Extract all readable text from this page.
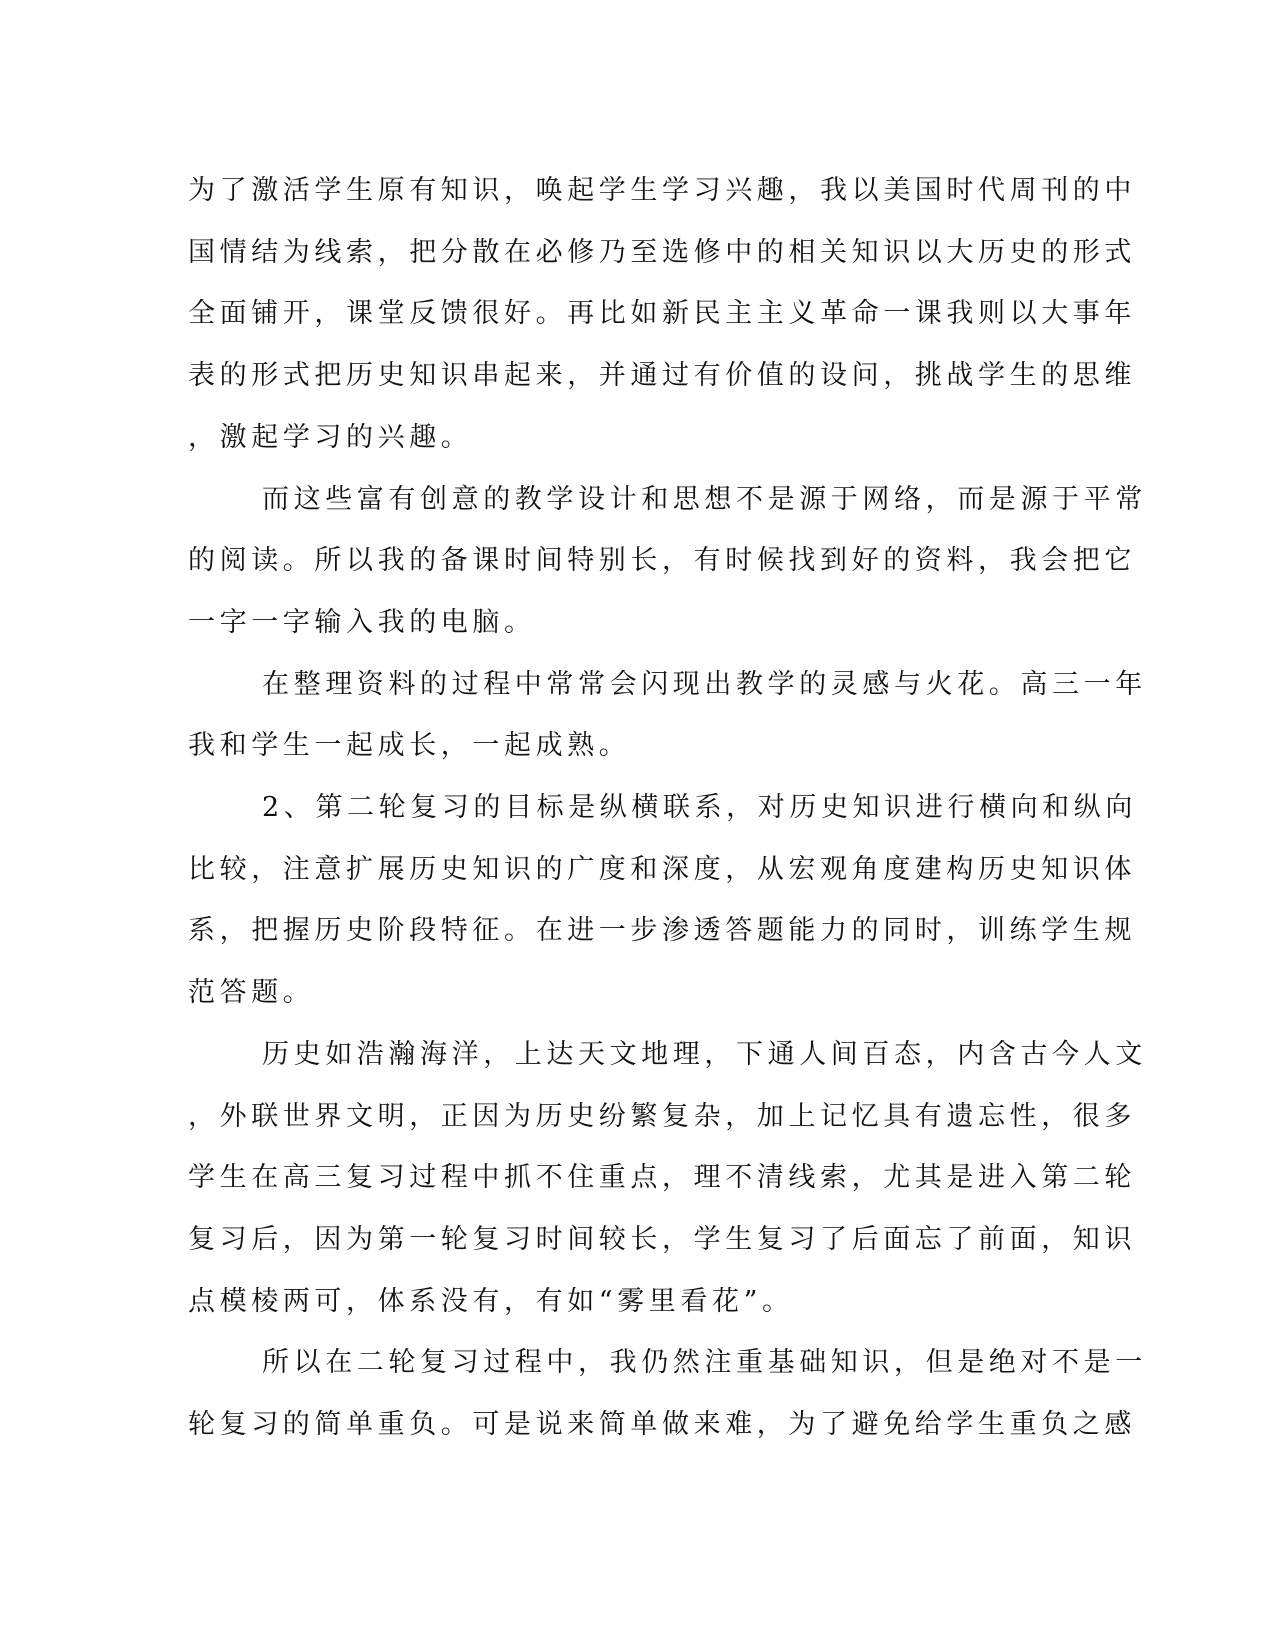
为了激活学生原有知识，唤起学生学习兴趣，我以美国时代周刊的中
国情结为线索，把分散在必修乃至选修中的相关知识以大历史的形式
全面铺开，课堂反馈很好。再比如新民主主义革命一课我则以大事年
表的形式把历史知识串起来，并通过有价值的设问，挑战学生的思维
，激起学习的兴趣。

而这些富有创意的教学设计和思想不是源于网络，而是源于平常
的阅读。所以我的备课时间特别长，有时候找到好的资料，我会把它
一字一字输入我的电脑。

在整理资料的过程中常常会闪现出教学的灵感与火花。高三一年
我和学生一起成长，一起成熟。

2、第二轮复习的目标是纵横联系，对历史知识进行横向和纵向
比较，注意扩展历史知识的广度和深度，从宏观角度建构历史知识体
系，把握历史阶段特征。在进一步渗透答题能力的同时，训练学生规
范答题。

历史如浩瀚海洋，上达天文地理，下通人间百态，内含古今人文
，外联世界文明，正因为历史纷繁复杂，加上记忆具有遗忘性，很多
学生在高三复习过程中抓不住重点，理不清线索，尤其是进入第二轮
复习后，因为第一轮复习时间较长，学生复习了后面忘了前面，知识
点模棱两可，体系没有，有如“雾里看花”。

所以在二轮复习过程中，我仍然注重基础知识，但是绝对不是一
轮复习的简单重负。可是说来简单做来难，为了避免给学生重负之感
